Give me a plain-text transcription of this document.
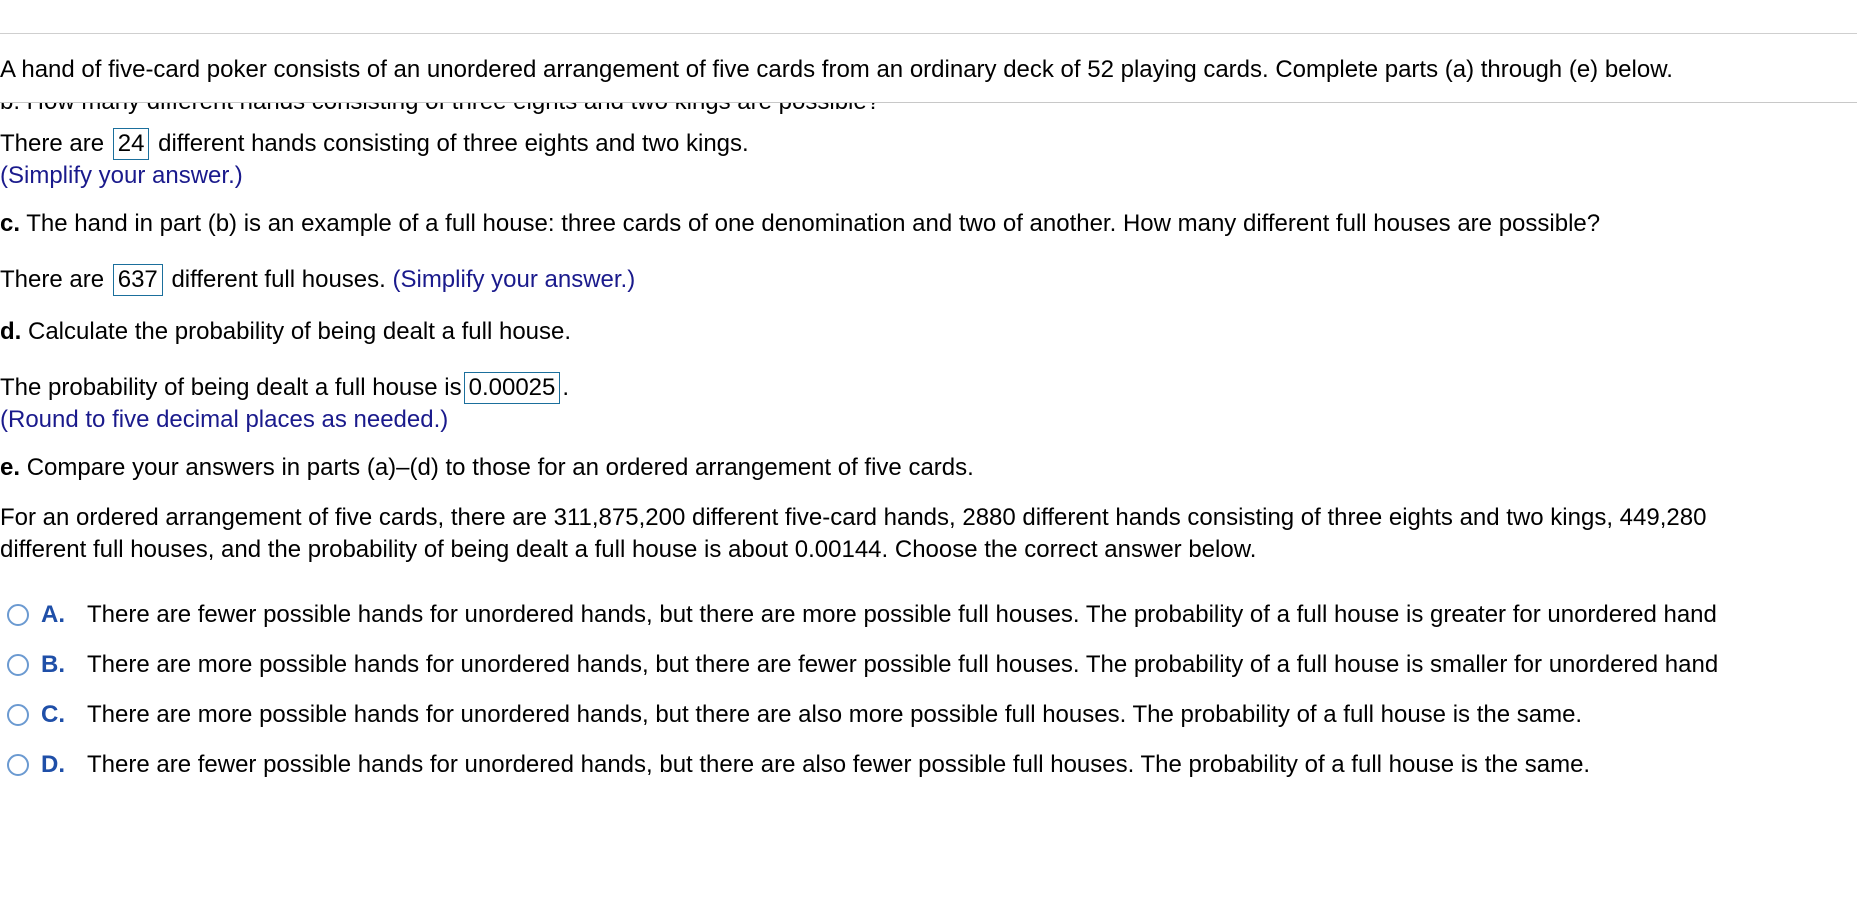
A hand of five-card poker consists of an unordered arrangement of five cards from an ordinary deck of 52 playing cards. Complete parts (a) through (e) below.
There are 24 different hands consisting of three eights and two kings.
(Simplify your answer.)
c. The hand in part (b) is an example of a full house: three cards of one denomination and two of another. How many different full houses are possible?
There are 637 different full houses. (Simplify your answer.)
d. Calculate the probability of being dealt a full house.
The probability of being dealt a full house is 0.00025 .
(Round to five decimal places as needed.)
e. Compare your answers in parts (a)–(d) to those for an ordered arrangement of five cards.
For an ordered arrangement of five cards, there are 311,875,200 different five-card hands, 2880 different hands consisting of three eights and two kings, 449,280
different full houses, and the probability of being dealt a full house is about 0.00144. Choose the correct answer below.
A. There are fewer possible hands for unordered hands, but there are more possible full houses. The probability of a full house is greater for unordered hand
B. There are more possible hands for unordered hands, but there are fewer possible full houses. The probability of a full house is smaller for unordered hand
C. There are more possible hands for unordered hands, but there are also more possible full houses. The probability of a full house is the same.
D. There are fewer possible hands for unordered hands, but there are also fewer possible full houses. The probability of a full house is the same.
